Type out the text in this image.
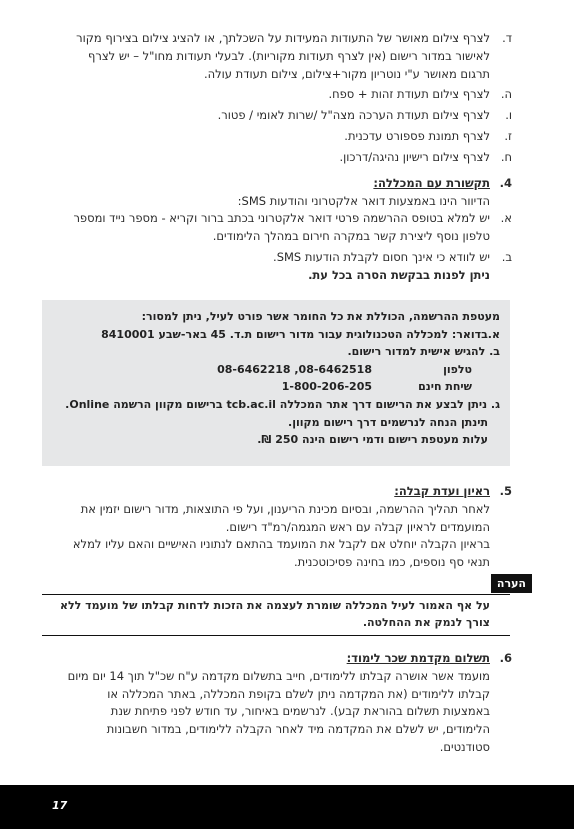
ד.
לצרף צילום מאושר של התעודות המעידות על השכלתך, או להציג צילום בצירוף מקור לאישור במדור רישום (אין לצרף תעודות מקוריות). לבעלי תעודות מחו"ל – יש לצרף תרגום מאושר ע"י נוטריון מקור+צילום, צילום תעודת עולה.
ה.
לצרף צילום תעודת זהות + ספח.
ו.
לצרף צילום תעודת הערכה מצה"ל /שרות לאומי / פטור.
ז.
לצרף תמונת פספורט עדכנית.
ח.
לצרף צילום רישיון נהיגה/דרכון.
4.
תקשורת עם המכללה:
הדיוור הינו באמצעות דואר אלקטרוני והודעות SMS:
א.
יש למלא בטופס ההרשמה פרטי דואר אלקטרוני בכתב ברור וקריא - מספר נייד ומספר טלפון נוסף ליצירת קשר במקרה חירום במהלך הלימודים.
ב.
יש לוודא כי אינך חסום לקבלת הודעות SMS.
ניתן לפנות בבקשת הסרה בכל עת.
מעטפת ההרשמה, הכוללת את כל החומר אשר פורט לעיל, ניתן למסור:
א.בדואר: למכללה הטכנולוגית עבור מדור רישום ת.ד. 45 באר-שבע 8410001
ב. להגיש אישית למדור רישום.
טלפון
08-6462218 ,08-6462518
שיחת חינם
1-800-206-205
ג. ניתן לבצע את הרישום דרך אתר המכללה tcb.ac.il ברישום מקוון הרשמה Online.
תינתן הנחה לנרשמים דרך רישום מקוון.
עלות מעטפת רישום ודמי רישום הינה 250 ₪.
5.
ראיון ועדת קבלה:
לאחר תהליך ההרשמה, ובסיום מכינת הריענון, ועל פי התוצאות, מדור רישום יזמין את המועמדים לראיון קבלה עם ראש המגמה/רמ"ד רישום.
בראיון הקבלה יוחלט אם לקבל את המועמד בהתאם לנתוניו האישיים והאם עליו למלא תנאי סף נוספים, כמו בחינה פסיכוטכנית.
הערה
על אף האמור לעיל המכללה שומרת לעצמה את הזכות לדחות קבלתו של מועמד ללא צורך לנמק את ההחלטה.
6.
תשלום מקדמת שכר לימוד:
מועמד אשר אושרה קבלתו ללימודים, חייב בתשלום מקדמה ע"ח שכ"ל תוך 14 יום מיום קבלתו ללימודים (את המקדמה ניתן לשלם בקופת המכללה, באתר המכללה או באמצעות תשלום בהוראת קבע). לנרשמים באיחור, עד חודש לפני פתיחת שנת הלימודים, יש לשלם את המקדמה מיד לאחר הקבלה ללימודים, במדור חשבונות סטודנטים.
17
